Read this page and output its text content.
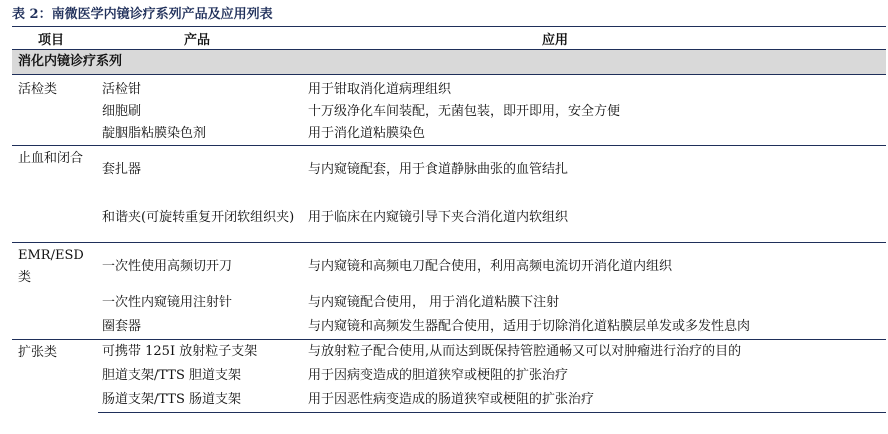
表 2：南微医学内镜诊疗系列产品及应用列表
项目	产品	应用
消化内镜诊疗系列		
活检类	活检钳	用于钳取消化道病理组织
	细胞刷	十万级净化车间装配，无菌包装，即开即用，安全方便
	靛胭脂粘膜染色剂	用于消化道粘膜染色
止血和闭合	套扎器	与内窥镜配套，用于食道静脉曲张的血管结扎
	和谐夹(可旋转重复开闭软组织夹)	用于临床在内窥镜引导下夹合消化道内软组织
EMR/ESD类	一次性使用高频切开刀	与内窥镜和高频电刀配合使用，利用高频电流切开消化道内组织
	一次性内窥镜用注射针	与内窥镜配合使用， 用于消化道粘膜下注射
	圈套器	与内窥镜和高频发生器配合使用，适用于切除消化道粘膜层单发或多发性息肉
扩张类	可携带 125I 放射粒子支架	与放射粒子配合使用,从而达到既保持管腔通畅又可以对肿瘤进行治疗的目的
	胆道支架/TTS 胆道支架	用于因病变造成的胆道狭窄或梗阻的扩张治疗
	肠道支架/TTS 肠道支架	用于因恶性病变造成的肠道狭窄或梗阻的扩张治疗
